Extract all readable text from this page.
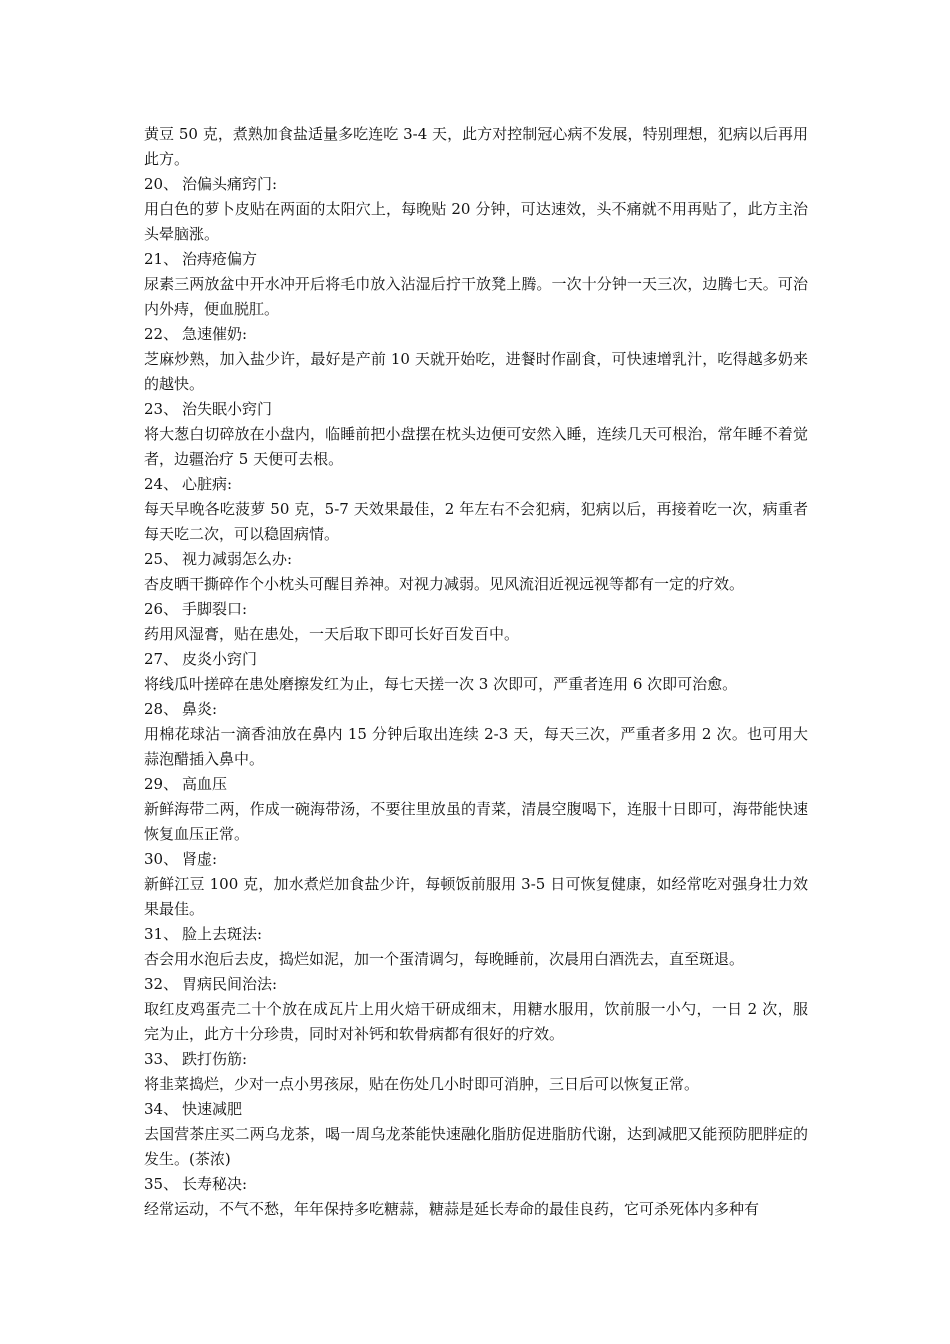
黄豆 50 克，煮熟加食盐适量多吃连吃 3-4 天，此方对控制冠心病不发展，特别理想，犯病以后再用此方。

20、 治偏头痛窍门:

用白色的萝卜皮贴在两面的太阳穴上，每晚贴 20 分钟，可达速效，头不痛就不用再贴了，此方主治头晕脑涨。

21、 治痔疮偏方

尿素三两放盆中开水冲开后将毛巾放入沾湿后拧干放凳上腾。一次十分钟一天三次，边腾七天。可治内外痔，便血脱肛。

22、 急速催奶:

芝麻炒熟，加入盐少许，最好是产前 10 天就开始吃，进餐时作副食，可快速增乳汁，吃得越多奶来的越快。

23、 治失眠小窍门

将大葱白切碎放在小盘内，临睡前把小盘摆在枕头边便可安然入睡，连续几天可根治，常年睡不着觉者，边疆治疗 5 天便可去根。

24、 心脏病:

每天早晚各吃菠萝 50 克，5-7 天效果最佳，2 年左右不会犯病，犯病以后，再接着吃一次，病重者每天吃二次，可以稳固病情。

25、 视力减弱怎么办:

杏皮晒干撕碎作个小枕头可醒目养神。对视力减弱。见风流泪近视远视等都有一定的疗效。

26、 手脚裂口:

药用风湿膏，贴在患处，一天后取下即可长好百发百中。

27、 皮炎小窍门

将线瓜叶搓碎在患处磨擦发红为止，每七天搓一次 3 次即可，严重者连用 6 次即可治愈。

28、 鼻炎:

用棉花球沾一滴香油放在鼻内 15 分钟后取出连续 2-3 天，每天三次，严重者多用 2 次。也可用大蒜泡醋插入鼻中。

29、 高血压

新鲜海带二两，作成一碗海带汤，不要往里放虽的青菜，清晨空腹喝下，连服十日即可，海带能快速恢复血压正常。

30、 肾虚:

新鲜江豆 100 克，加水煮烂加食盐少许，每顿饭前服用 3-5 日可恢复健康，如经常吃对强身壮力效果最佳。

31、 脸上去斑法:

杏会用水泡后去皮，捣烂如泥，加一个蛋清调匀，每晚睡前，次晨用白酒洗去，直至斑退。

32、 胃病民间治法:

取红皮鸡蛋壳二十个放在成瓦片上用火焙干研成细末，用糖水服用，饮前服一小勺，一日 2 次，服完为止，此方十分珍贵，同时对补钙和软骨病都有很好的疗效。

33、 跌打伤筋:

将韭菜捣烂，少对一点小男孩尿，贴在伤处几小时即可消肿，三日后可以恢复正常。

34、 快速减肥

去国营茶庄买二两乌龙茶，喝一周乌龙茶能快速融化脂肪促进脂肪代谢，达到减肥又能预防肥胖症的发生。(茶浓)

35、 长寿秘决:

经常运动，不气不愁，年年保持多吃糖蒜，糖蒜是延长寿命的最佳良药，它可杀死体内多种有
